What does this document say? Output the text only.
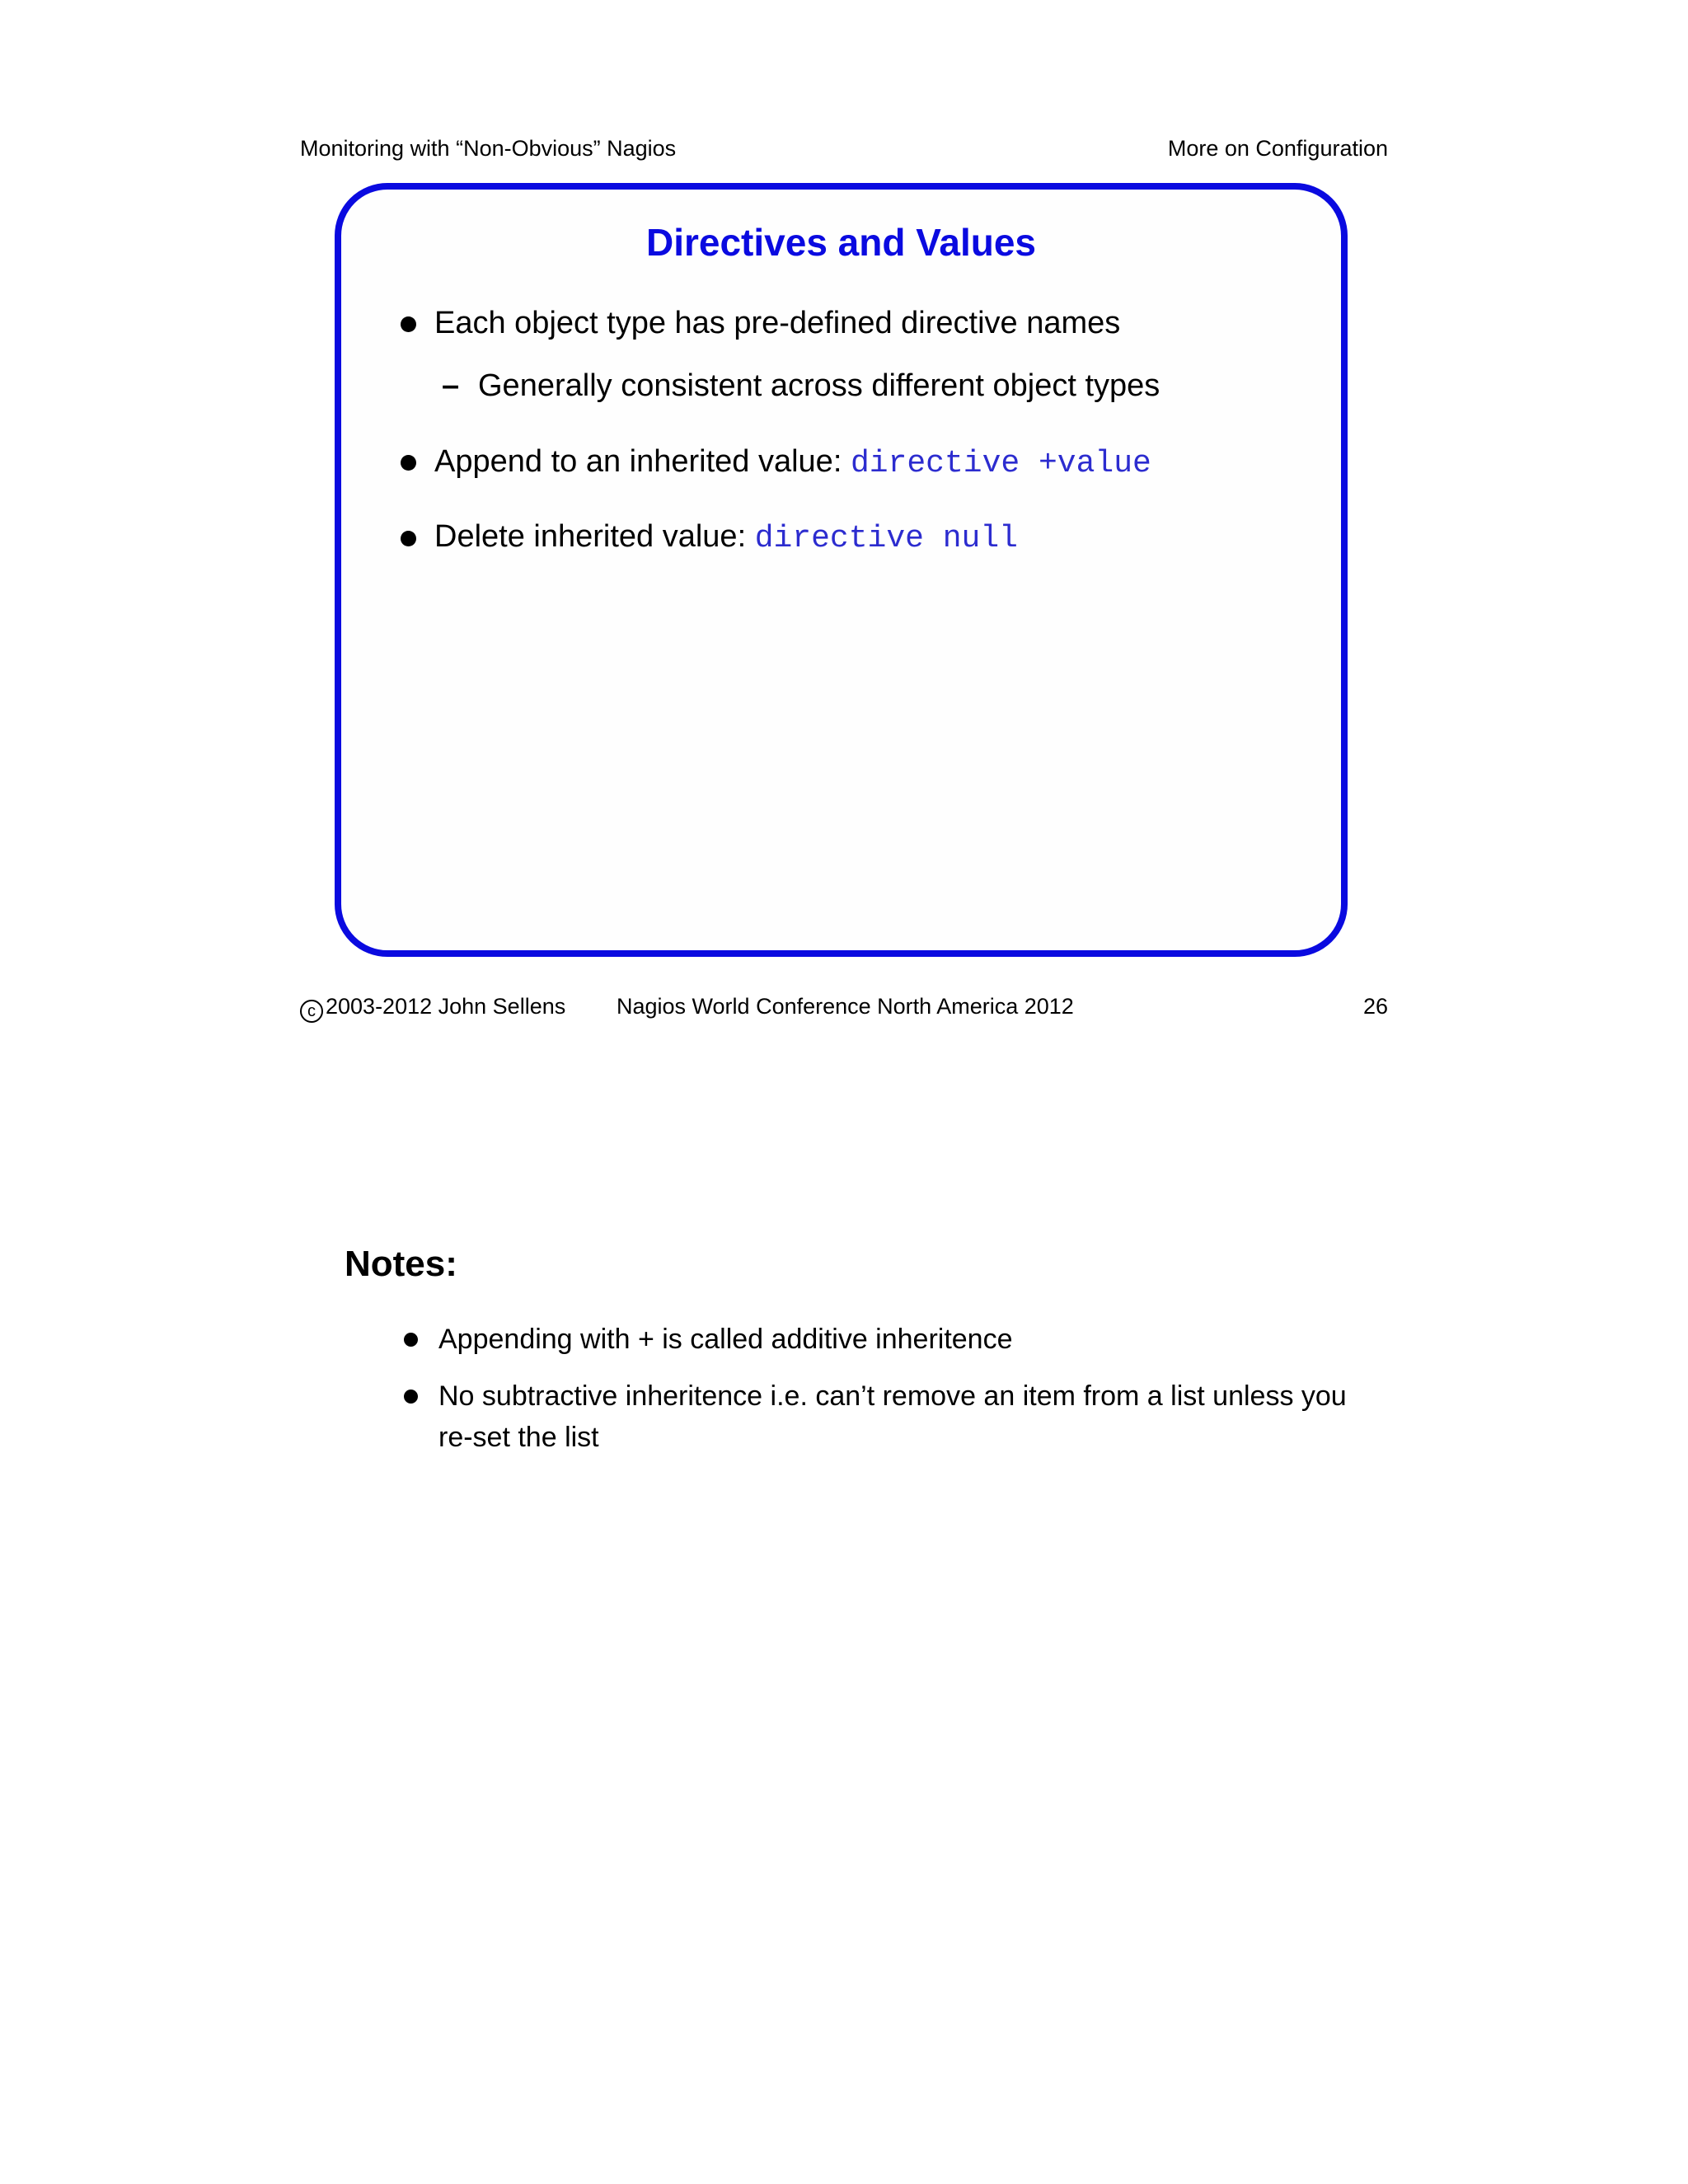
Monitoring with “Non-Obvious” Nagios	More on Configuration
Directives and Values
Each object type has pre-defined directive names
– Generally consistent across different object types
Append to an inherited value: directive +value
Delete inherited value: directive null
c 2003-2012 John Sellens Nagios World Conference North America 2012	26
Notes:
Appending with + is called additive inheritence
No subtractive inheritence i.e. can’t remove an item from a list unless you
re-set the list
